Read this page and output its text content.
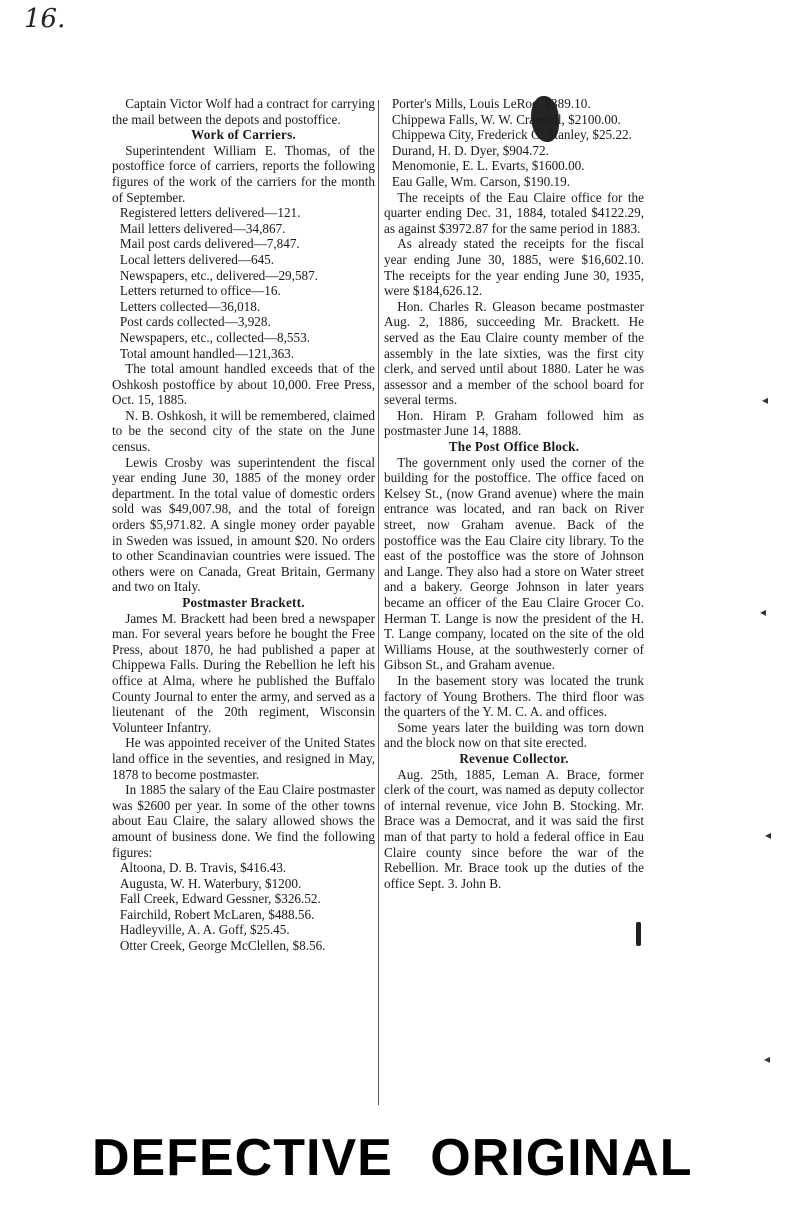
16.

Captain Victor Wolf had a contract for carrying the mail between the depots and postoffice.

Work of Carriers.

Superintendent William E. Thomas, of the postoffice force of carriers, reports the following figures of the work of the carriers for the month of September.

Registered letters delivered—121.

Mail letters delivered—34,867.

Mail post cards delivered—7,847.

Local letters delivered—645.

Newspapers, etc., delivered—29,587.

Letters returned to office—16.

Letters collected—36,018.

Post cards collected—3,928.

Newspapers, etc., collected—8,553.

Total amount handled—121,363.

The total amount handled exceeds that of the Oshkosh postoffice by about 10,000. Free Press, Oct. 15, 1885.

N. B. Oshkosh, it will be remembered, claimed to be the second city of the state on the June census.

Lewis Crosby was superintendent the fiscal year ending June 30, 1885 of the money order department. In the total value of domestic orders sold was $49,007.98, and the total of foreign orders $5,971.82. A single money order payable in Sweden was issued, in amount $20. No orders to other Scandinavian countries were issued. The others were on Canada, Great Britain, Germany and two on Italy.

Postmaster Brackett.

James M. Brackett had been bred a newspaper man. For several years before he bought the Free Press, about 1870, he had published a paper at Chippewa Falls. During the Rebellion he left his office at Alma, where he published the Buffalo County Journal to enter the army, and served as a lieutenant of the 20th regiment, Wisconsin Volunteer Infantry.

He was appointed receiver of the United States land office in the seventies, and resigned in May, 1878 to become postmaster.

In 1885 the salary of the Eau Claire postmaster was $2600 per year. In some of the other towns about Eau Claire, the salary allowed shows the amount of business done. We find the following figures:

Altoona, D. B. Travis, $416.43.

Augusta, W. H. Waterbury, $1200.

Fall Creek, Edward Gessner, $326.52.

Fairchild, Robert McLaren, $488.56.

Hadleyville, A. A. Goff, $25.45.

Otter Creek, George McClellen, $8.56.

Porter's Mills, Louis LeRoe, $389.10.

Chippewa Falls, W. W. Crandell, $2100.00.

Chippewa City, Frederick G. Stanley, $25.22.

Durand, H. D. Dyer, $904.72.

Menomonie, E. L. Evarts, $1600.00.

Eau Galle, Wm. Carson, $190.19.

The receipts of the Eau Claire office for the quarter ending Dec. 31, 1884, totaled $4122.29, as against $3972.87 for the same period in 1883.

As already stated the receipts for the fiscal year ending June 30, 1885, were $16,602.10. The receipts for the year ending June 30, 1935, were $184,626.12.

Hon. Charles R. Gleason became postmaster Aug. 2, 1886, succeeding Mr. Brackett. He served as the Eau Claire county member of the assembly in the late sixties, was the first city clerk, and served until about 1880. Later he was assessor and a member of the school board for several terms.

Hon. Hiram P. Graham followed him as postmaster June 14, 1888.

The Post Office Block.

The government only used the corner of the building for the postoffice. The office faced on Kelsey St., (now Grand avenue) where the main entrance was located, and ran back on River street, now Graham avenue. Back of the postoffice was the Eau Claire city library. To the east of the postoffice was the store of Johnson and Lange. They also had a store on Water street and a bakery. George Johnson in later years became an officer of the Eau Claire Grocer Co. Herman T. Lange is now the president of the H. T. Lange company, located on the site of the old Williams House, at the southwesterly corner of Gibson St., and Graham avenue.

In the basement story was located the trunk factory of Young Brothers. The third floor was the quarters of the Y. M. C. A. and offices.

Some years later the building was torn down and the block now on that site erected.

Revenue Collector.

Aug. 25th, 1885, Leman A. Brace, former clerk of the court, was named as deputy collector of internal revenue, vice John B. Stocking. Mr. Brace was a Democrat, and it was said the first man of that party to hold a federal office in Eau Claire county since before the war of the Rebellion. Mr. Brace took up the duties of the office Sept. 3. John B.

◂
◂
◂
◂
DEFECTIVE ORIGINAL
